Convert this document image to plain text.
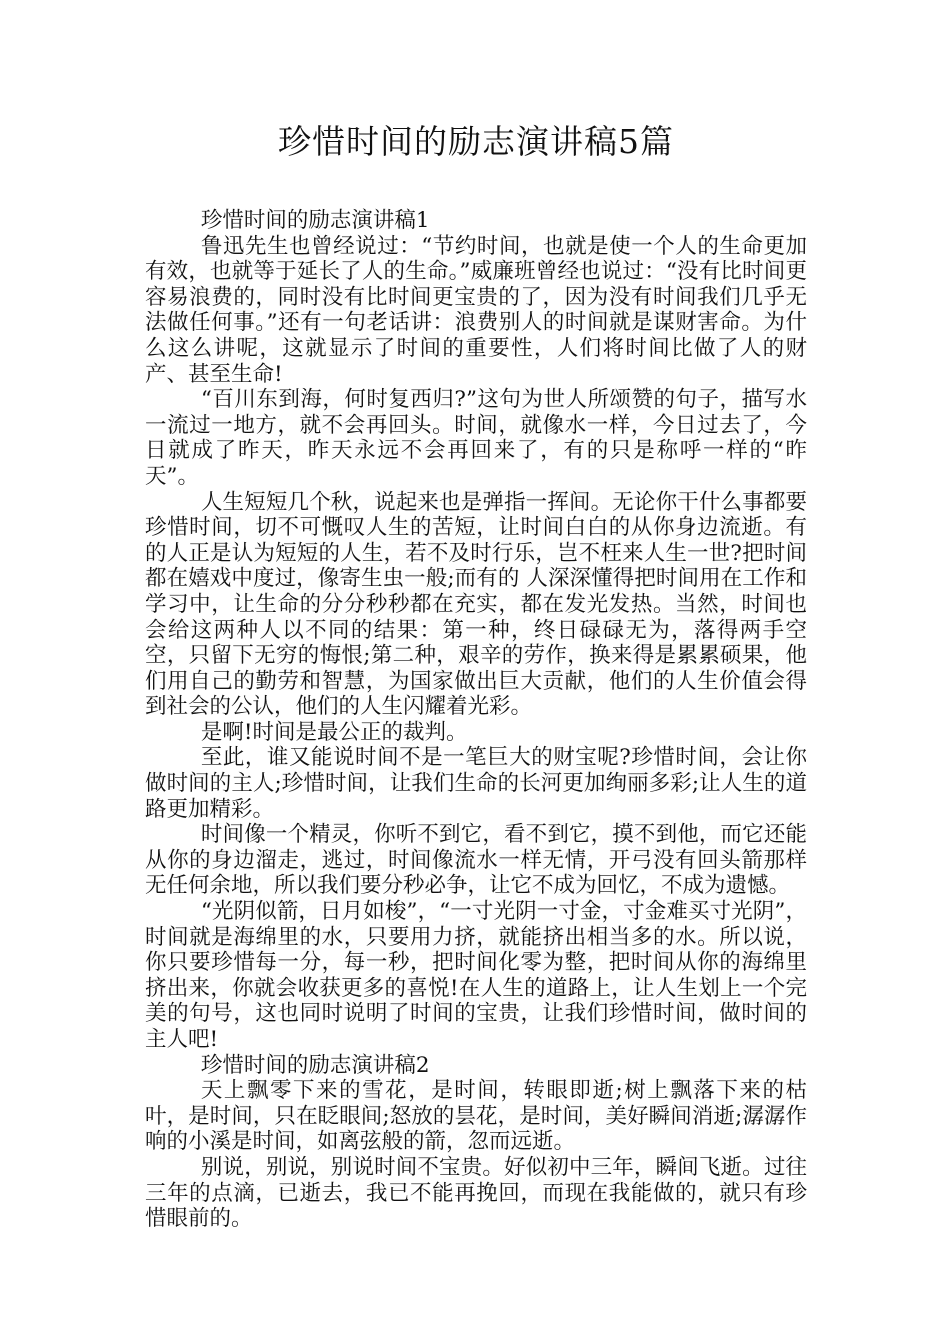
珍惜时间的励志演讲稿5篇

珍惜时间的励志演讲稿1

鲁迅先生也曾经说过：“节约时间，也就是使一个人的生命更加有效，也就等于延长了人的生命。”威廉班曾经也说过：“没有比时间更容易浪费的，同时没有比时间更宝贵的了，因为没有时间我们几乎无法做任何事。”还有一句老话讲：浪费别人的时间就是谋财害命。为什么这么讲呢，这就显示了时间的重要性，人们将时间比做了人的财产、甚至生命!

“百川东到海，何时复西归?”这句为世人所颂赞的句子，描写水一流过一地方，就不会再回头。时间，就像水一样，今日过去了，今日就成了昨天，昨天永远不会再回来了，有的只是称呼一样的“昨天”。

人生短短几个秋，说起来也是弹指一挥间。无论你干什么事都要珍惜时间，切不可慨叹人生的苦短，让时间白白的从你身边流逝。有的人正是认为短短的人生，若不及时行乐，岂不枉来人生一世?把时间都在嬉戏中度过，像寄生虫一般;而有的 人深深懂得把时间用在工作和学习中，让生命的分分秒秒都在充实，都在发光发热。当然，时间也会给这两种人以不同的结果：第一种，终日碌碌无为，落得两手空空，只留下无穷的悔恨;第二种，艰辛的劳作，换来得是累累硕果，他们用自己的勤劳和智慧，为国家做出巨大贡献，他们的人生价值会得到社会的公认，他们的人生闪耀着光彩。

是啊!时间是最公正的裁判。

至此，谁又能说时间不是一笔巨大的财宝呢?珍惜时间，会让你做时间的主人;珍惜时间，让我们生命的长河更加绚丽多彩;让人生的道路更加精彩。

时间像一个精灵，你听不到它，看不到它，摸不到他，而它还能从你的身边溜走，逃过，时间像流水一样无情，开弓没有回头箭那样无任何余地，所以我们要分秒必争，让它不成为回忆，不成为遗憾。

“光阴似箭，日月如梭”，“一寸光阴一寸金，寸金难买寸光阴”，时间就是海绵里的水，只要用力挤，就能挤出相当多的水。所以说，你只要珍惜每一分，每一秒，把时间化零为整，把时间从你的海绵里挤出来，你就会收获更多的喜悦!在人生的道路上，让人生划上一个完美的句号，这也同时说明了时间的宝贵，让我们珍惜时间，做时间的主人吧!

珍惜时间的励志演讲稿2

天上飘零下来的雪花，是时间，转眼即逝;树上飘落下来的枯叶，是时间，只在眨眼间;怒放的昙花，是时间，美好瞬间消逝;潺潺作响的小溪是时间，如离弦般的箭，忽而远逝。

别说，别说，别说时间不宝贵。好似初中三年，瞬间飞逝。过往三年的点滴，已逝去，我已不能再挽回，而现在我能做的，就只有珍惜眼前的。
